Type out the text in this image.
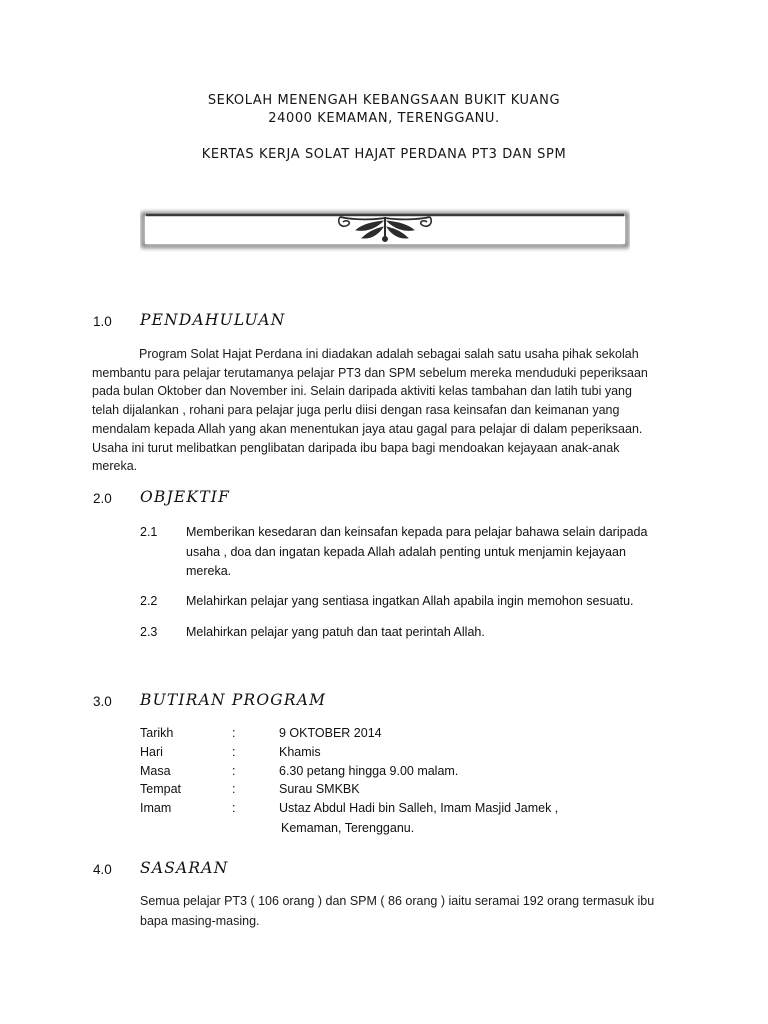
SEKOLAH MENENGAH KEBANGSAAN BUKIT KUANG
24000 KEMAMAN, TERENGGANU.
KERTAS KERJA SOLAT HAJAT PERDANA PT3 DAN SPM
1.0 PENDAHULUAN
Program Solat Hajat Perdana ini diadakan adalah sebagai salah satu usaha pihak sekolah
membantu para pelajar terutamanya pelajar PT3 dan SPM sebelum mereka menduduki peperiksaan
pada bulan Oktober dan November ini. Selain daripada aktiviti kelas tambahan dan latih tubi yang
telah dijalankan , rohani para pelajar juga perlu diisi dengan rasa keinsafan dan keimanan yang
mendalam kepada Allah yang akan menentukan jaya atau gagal para pelajar di dalam peperiksaan.
Usaha ini turut melibatkan penglibatan daripada ibu bapa bagi mendoakan kejayaan anak-anak
mereka.
2.0 OBJEKTIF
2.1 Memberikan kesedaran dan keinsafan kepada para pelajar bahawa selain daripada
usaha , doa dan ingatan kepada Allah adalah penting untuk menjamin kejayaan
mereka.
2.2 Melahirkan pelajar yang sentiasa ingatkan Allah apabila ingin memohon sesuatu.
2.3 Melahirkan pelajar yang patuh dan taat perintah Allah.
3.0 BUTIRAN PROGRAM
Tarikh	:	9 OKTOBER 2014
Hari	:	Khamis
Masa	:	6.30 petang hingga 9.00 malam.
Tempat	:	Surau SMKBK
Imam	:	Ustaz Abdul Hadi bin Salleh, Imam Masjid Jamek ,
Kemaman, Terengganu.
4.0 SASARAN
Semua pelajar PT3 ( 106 orang ) dan SPM ( 86 orang ) iaitu seramai 192 orang termasuk ibu
bapa masing-masing.
